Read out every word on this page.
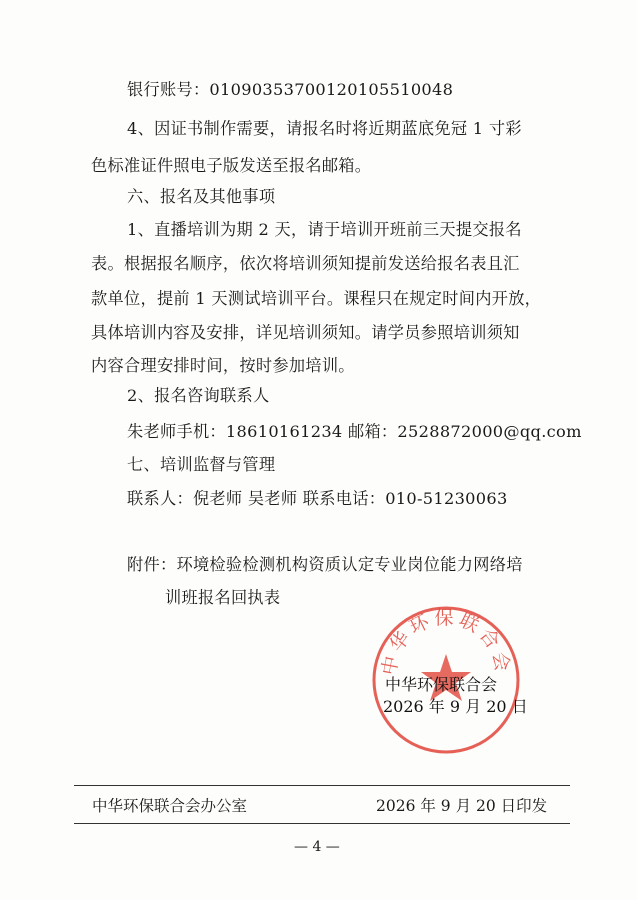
银行账号：0109035370012010551004​8
4、因证书制作需要，请报名时将近期蓝底免冠 1 寸彩
色标准证件照电子版发送至报名邮箱。
六、报名及其他事项
1、直播培训为期 2 天，请于培训开班前三天提交报名
表。根据报名顺序，依次将培训须知提前发送给报名表且汇
款单位，提前 1 天测试培训平台。课程只在规定时间内开放，
具体培训内容及安排，详见培训须知。请学员参照培训须知
内容合理安排时间，按时参加培训。
2、报名咨询联系人
朱老师手机：18610161234 邮箱：2528872000@qq.com
七、培训监督与管理
联系人：倪老师 吴老师 联系电话：010-51230063
附件：环境检验检测机构资质认定专业岗位能力网络培
训班报名回执表
中华环保联合会
中华环保联合会
2026 年 9 月 20 日
中华环保联合会办公室	2026 年 9 月 20 日印发
— 4 —
